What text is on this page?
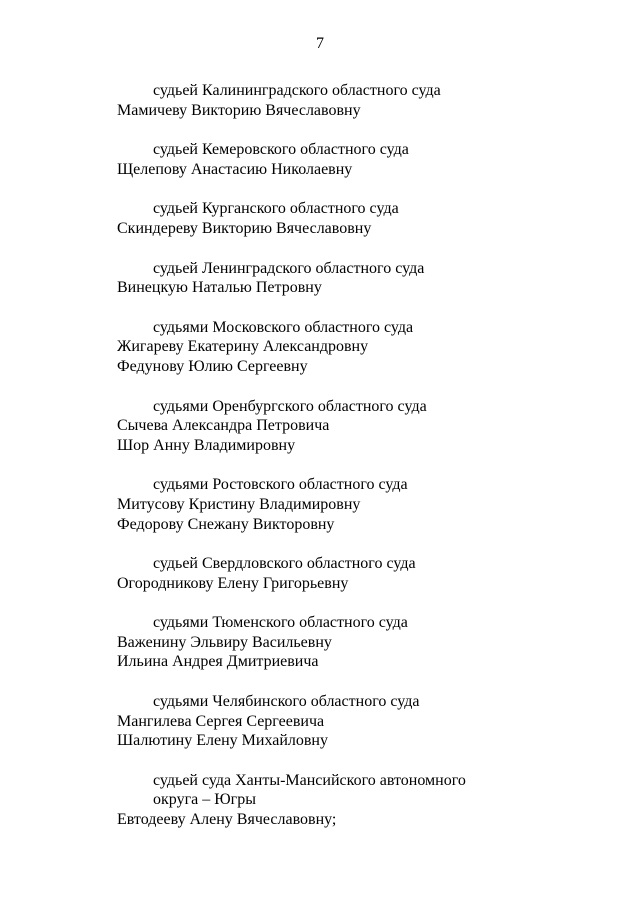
7
судьей Калининградского областного суда
Мамичеву Викторию Вячеславовну
судьей Кемеровского областного суда
Щелепову Анастасию Николаевну
судьей Курганского областного суда
Скиндереву Викторию Вячеславовну
судьей Ленинградского областного суда
Винецкую Наталью Петровну
судьями Московского областного суда
Жигареву Екатерину Александровну
Федунову Юлию Сергеевну
судьями Оренбургского областного суда
Сычева Александра Петровича
Шор Анну Владимировну
судьями Ростовского областного суда
Митусову Кристину Владимировну
Федорову Снежану Викторовну
судьей Свердловского областного суда
Огородникову Елену Григорьевну
судьями Тюменского областного суда
Важенину Эльвиру Васильевну
Ильина Андрея Дмитриевича
судьями Челябинского областного суда
Мангилева Сергея Сергеевича
Шалютину Елену Михайловну
судьей суда Ханты-Мансийского автономного
округа – Югры
Евтодееву Алену Вячеславовну;
